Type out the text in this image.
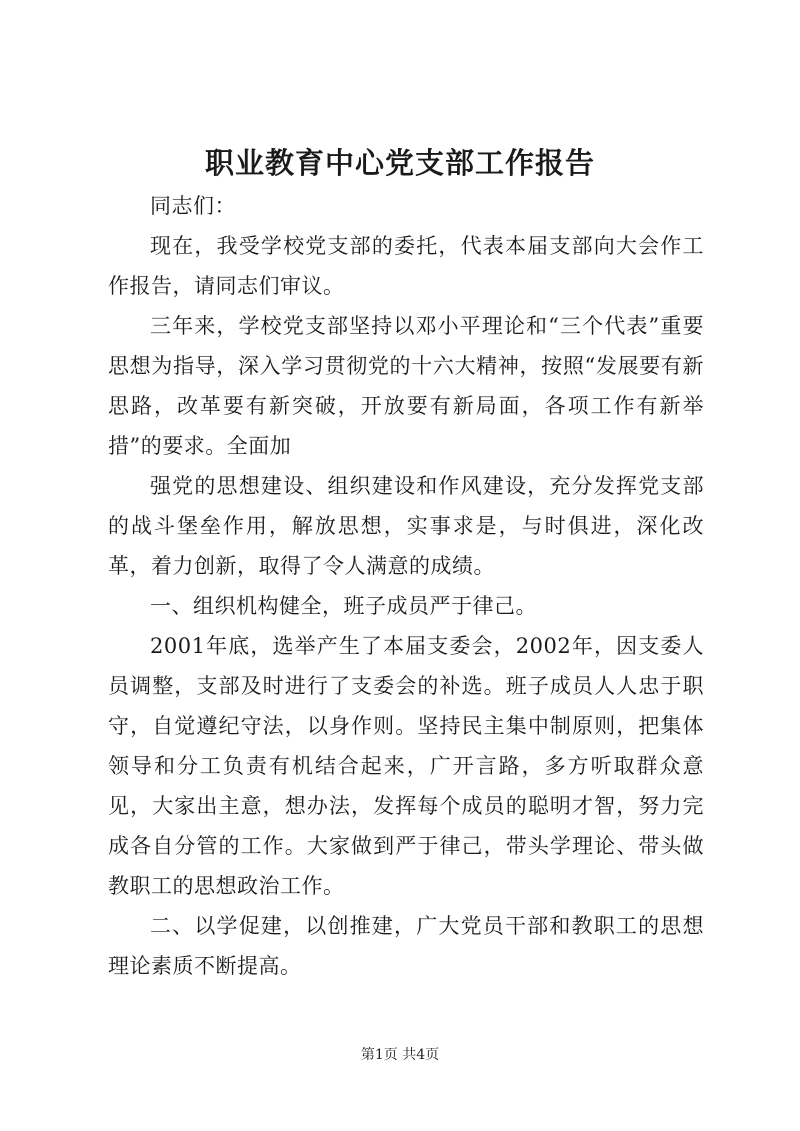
职业教育中心党支部工作报告

同志们：

现在，我受学校党支部的委托，代表本届支部向大会作工作报告，请同志们审议。

三年来，学校党支部坚持以邓小平理论和“三个代表”重要思想为指导，深入学习贯彻党的十六大精神，按照“发展要有新思路，改革要有新突破，开放要有新局面，各项工作有新举措”的要求。全面加

强党的思想建设、组织建设和作风建设，充分发挥党支部的战斗堡垒作用，解放思想，实事求是，与时俱进，深化改革，着力创新，取得了令人满意的成绩。

一、组织机构健全，班子成员严于律己。

2001年底，选举产生了本届支委会，2002年，因支委人员调整，支部及时进行了支委会的补选。班子成员人人忠于职守，自觉遵纪守法，以身作则。坚持民主集中制原则，把集体领导和分工负责有机结合起来，广开言路，多方听取群众意见，大家出主意，想办法，发挥每个成员的聪明才智，努力完成各自分管的工作。大家做到严于律己，带头学理论、带头做教职工的思想政治工作。

二、以学促建，以创推建，广大党员干部和教职工的思想理论素质不断提高。

第1页 共4页
